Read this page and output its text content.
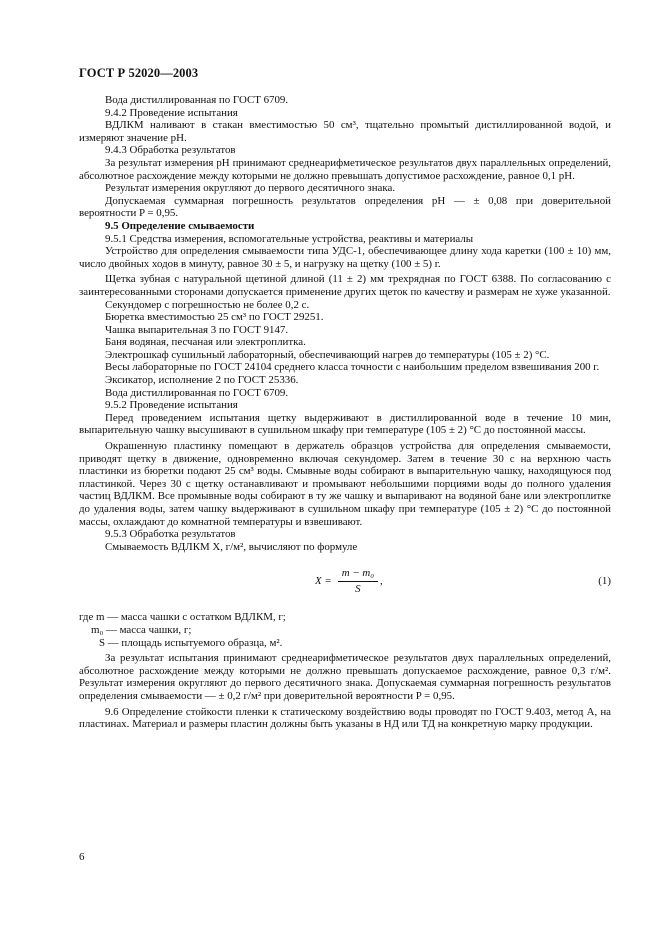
ГОСТ Р 52020—2003

Вода дистиллированная по ГОСТ 6709.

9.4.2 Проведение испытания

ВДЛКМ наливают в стакан вместимостью 50 см³, тщательно промытый дистиллированной водой, и измеряют значение рН.

9.4.3 Обработка результатов

За результат измерения рН принимают среднеарифметическое результатов двух параллельных определений, абсолютное расхождение между которыми не должно превышать допустимое расхождение, равное 0,1 рН.

Результат измерения округляют до первого десятичного знака.

Допускаемая суммарная погрешность результатов определения рН — ± 0,08 при доверительной вероятности P = 0,95.

9.5 Определение смываемости

9.5.1 Средства измерения, вспомогательные устройства, реактивы и материалы

Устройство для определения смываемости типа УДС-1, обеспечивающее длину хода каретки (100 ± 10) мм, число двойных ходов в минуту, равное 30 ± 5, и нагрузку на щетку (100 ± 5) г.

Щетка зубная с натуральной щетиной длиной (11 ± 2) мм трехрядная по ГОСТ 6388. По согласованию с заинтересованными сторонами допускается применение других щеток по качеству и размерам не хуже указанной.

Секундомер с погрешностью не более 0,2 с.

Бюретка вместимостью 25 см³ по ГОСТ 29251.

Чашка выпарительная 3 по ГОСТ 9147.

Баня водяная, песчаная или электроплитка.

Электрошкаф сушильный лабораторный, обеспечивающий нагрев до температуры (105 ± 2) °С.

Весы лабораторные по ГОСТ 24104 среднего класса точности с наибольшим пределом взвешивания 200 г.

Эксикатор, исполнение 2 по ГОСТ 25336.

Вода дистиллированная по ГОСТ 6709.

9.5.2 Проведение испытания

Перед проведением испытания щетку выдерживают в дистиллированной воде в течение 10 мин, выпарительную чашку высушивают в сушильном шкафу при температуре (105 ± 2) °С до постоянной массы.

Окрашенную пластинку помещают в держатель образцов устройства для определения смываемости, приводят щетку в движение, одновременно включая секундомер. Затем в течение 30 с на верхнюю часть пластинки из бюретки подают 25 см³ воды. Смывные воды собирают в выпарительную чашку, находящуюся под пластинкой. Через 30 с щетку останавливают и промывают небольшими порциями воды до полного удаления частиц ВДЛКМ. Все промывные воды собирают в ту же чашку и выпаривают на водяной бане или электроплитке до удаления воды, затем чашку выдерживают в сушильном шкафу при температуре (105 ± 2) °С до постоянной массы, охлаждают до комнатной температуры и взвешивают.

9.5.3 Обработка результатов

Смываемость ВДЛКМ X, г/м², вычисляют по формуле

$X = \frac{\text{m − m₀}}{S}$ ,	(1)

где m — масса чашки с остатком ВДЛКМ, г;

m₀ — масса чашки, г;

S — площадь испытуемого образца, м².

За результат испытания принимают среднеарифметическое результатов двух параллельных определений, абсолютное расхождение между которыми не должно превышать допускаемое расхождение, равное 0,3 г/м². Результат измерения округляют до первого десятичного знака. Допускаемая суммарная погрешность результатов определения смываемости — ± 0,2 г/м² при доверительной вероятности P = 0,95.

9.6 Определение стойкости пленки к статическому воздействию воды проводят по ГОСТ 9.403, метод А, на пластинах. Материал и размеры пластин должны быть указаны в НД или ТД на конкретную марку продукции.

6
